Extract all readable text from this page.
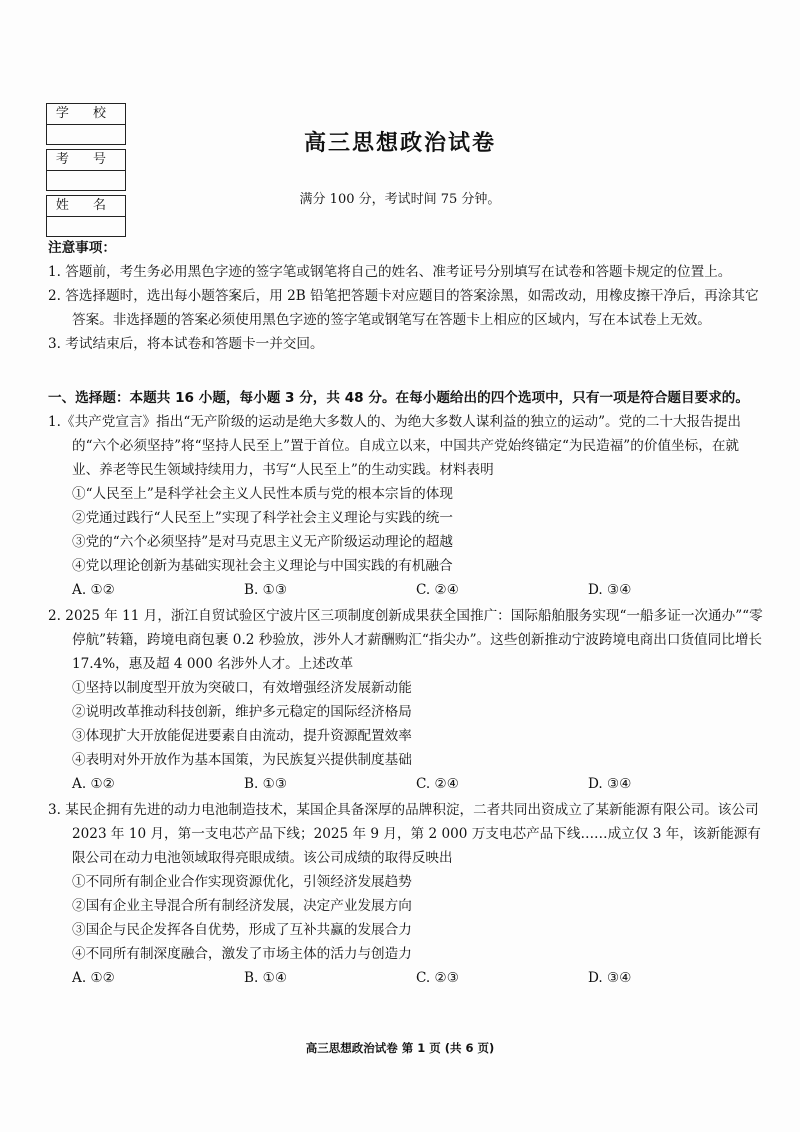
学 校

考 号

姓 名

高三思想政治试卷
满分 100 分，考试时间 75 分钟。
注意事项：

1. 答题前，考生务必用黑色字迹的签字笔或钢笔将自己的姓名、准考证号分别填写在试卷和答题卡规定的位置上。

2. 答选择题时，选出每小题答案后，用 2B 铅笔把答题卡对应题目的答案涂黑，如需改动，用橡皮擦干净后，再涂其它答案。非选择题的答案必须使用黑色字迹的签字笔或钢笔写在答题卡上相应的区域内，写在本试卷上无效。

3. 考试结束后，将本试卷和答题卡一并交回。

一、选择题：本题共 16 小题，每小题 3 分，共 48 分。在每小题给出的四个选项中，只有一项是符合题目要求的。

1.《共产党宣言》指出“无产阶级的运动是绝大多数人的、为绝大多数人谋利益的独立的运动”。党的二十大报告提出的“六个必须坚持”将“坚持人民至上”置于首位。自成立以来，中国共产党始终锚定“为民造福”的价值坐标，在就业、养老等民生领域持续用力，书写“人民至上”的生动实践。材料表明

①“人民至上”是科学社会主义人民性本质与党的根本宗旨的体现

②党通过践行“人民至上”实现了科学社会主义理论与实践的统一

③党的“六个必须坚持”是对马克思主义无产阶级运动理论的超越

④党以理论创新为基础实现社会主义理论与中国实践的有机融合

A. ①②	B. ①③	C. ②④	D. ③④

2. 2025 年 11 月，浙江自贸试验区宁波片区三项制度创新成果获全国推广：国际船舶服务实现“一船多证一次通办”“零停航”转籍，跨境电商包裹 0.2 秒验放，涉外人才薪酬购汇“指尖办”。这些创新推动宁波跨境电商出口货值同比增长 17.4%，惠及超 4 000 名涉外人才。上述改革

①坚持以制度型开放为突破口，有效增强经济发展新动能

②说明改革推动科技创新，维护多元稳定的国际经济格局

③体现扩大开放能促进要素自由流动，提升资源配置效率

④表明对外开放作为基本国策，为民族复兴提供制度基础

A. ①②	B. ①③	C. ②④	D. ③④

3. 某民企拥有先进的动力电池制造技术，某国企具备深厚的品牌积淀，二者共同出资成立了某新能源有限公司。该公司 2023 年 10 月，第一支电芯产品下线；2025 年 9 月，第 2 000 万支电芯产品下线……成立仅 3 年，该新能源有限公司在动力电池领域取得亮眼成绩。该公司成绩的取得反映出

①不同所有制企业合作实现资源优化，引领经济发展趋势

②国有企业主导混合所有制经济发展，决定产业发展方向

③国企与民企发挥各自优势，形成了互补共赢的发展合力

④不同所有制深度融合，激发了市场主体的活力与创造力

A. ①②	B. ①④	C. ②③	D. ③④
高三思想政治试卷 第 1 页 (共 6 页)
